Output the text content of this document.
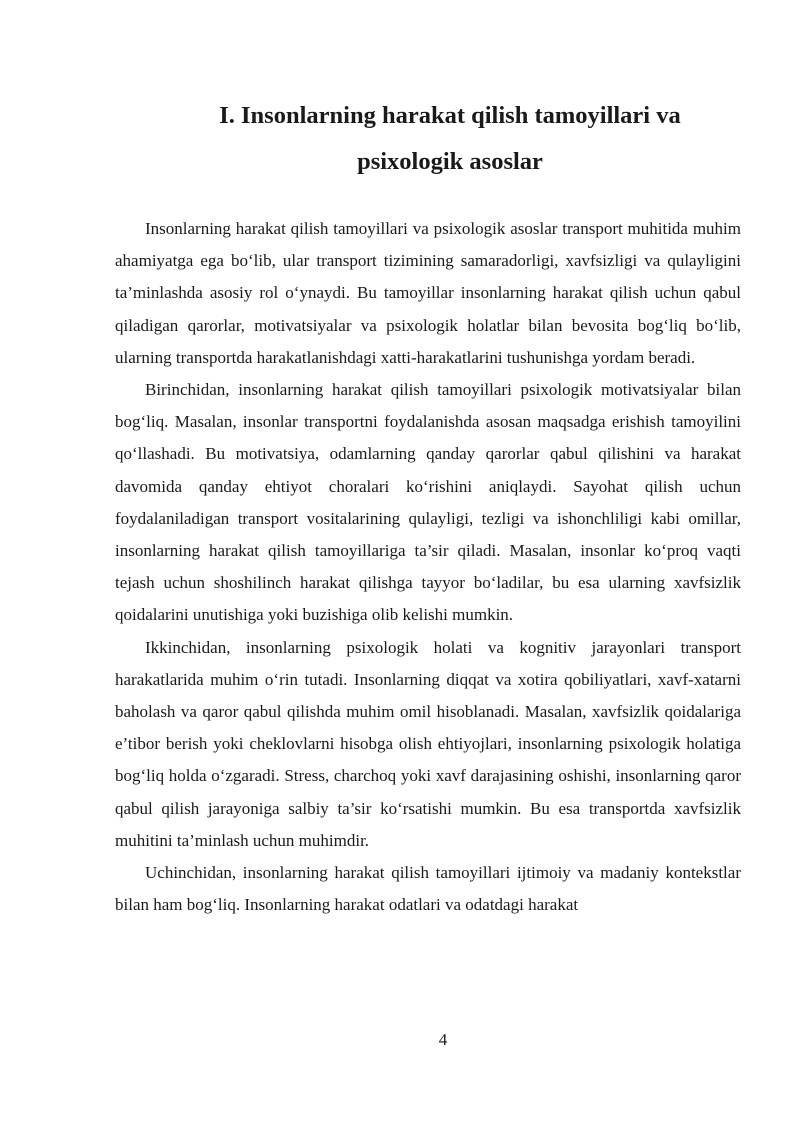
I. Insonlarning harakat qilish tamoyillari va
psixologik asoslar

Insonlarning harakat qilish tamoyillari va psixologik asoslar transport muhitida muhim ahamiyatga ega bo‘lib, ular transport tizimining samaradorligi, xavfsizligi va qulayligini ta’minlashda asosiy rol o‘ynaydi. Bu tamoyillar insonlarning harakat qilish uchun qabul qiladigan qarorlar, motivatsiyalar va psixologik holatlar bilan bevosita bog‘liq bo‘lib, ularning transportda harakatlanishdagi xatti-harakatlarini tushunishga yordam beradi.

Birinchidan, insonlarning harakat qilish tamoyillari psixologik motivatsiyalar bilan bog‘liq. Masalan, insonlar transportni foydalanishda asosan maqsadga erishish tamoyilini qo‘llashadi. Bu motivatsiya, odamlarning qanday qarorlar qabul qilishini va harakat davomida qanday ehtiyot choralari ko‘rishini aniqlaydi. Sayohat qilish uchun foydalaniladigan transport vositalarining qulayligi, tezligi va ishonchliligi kabi omillar, insonlarning harakat qilish tamoyillariga ta’sir qiladi. Masalan, insonlar ko‘proq vaqti tejash uchun shoshilinch harakat qilishga tayyor bo‘ladilar, bu esa ularning xavfsizlik qoidalarini unutishiga yoki buzishiga olib kelishi mumkin.

Ikkinchidan, insonlarning psixologik holati va kognitiv jarayonlari transport harakatlarida muhim o‘rin tutadi. Insonlarning diqqat va xotira qobiliyatlari, xavf-xatarni baholash va qaror qabul qilishda muhim omil hisoblanadi. Masalan, xavfsizlik qoidalariga e’tibor berish yoki cheklovlarni hisobga olish ehtiyojlari, insonlarning psixologik holatiga bog‘liq holda o‘zgaradi. Stress, charchoq yoki xavf darajasining oshishi, insonlarning qaror qabul qilish jarayoniga salbiy ta’sir ko‘rsatishi mumkin. Bu esa transportda xavfsizlik muhitini ta’minlash uchun muhimdir.

Uchinchidan, insonlarning harakat qilish tamoyillari ijtimoiy va madaniy kontekstlar bilan ham bog‘liq. Insonlarning harakat odatlari va odatdagi harakat

4
